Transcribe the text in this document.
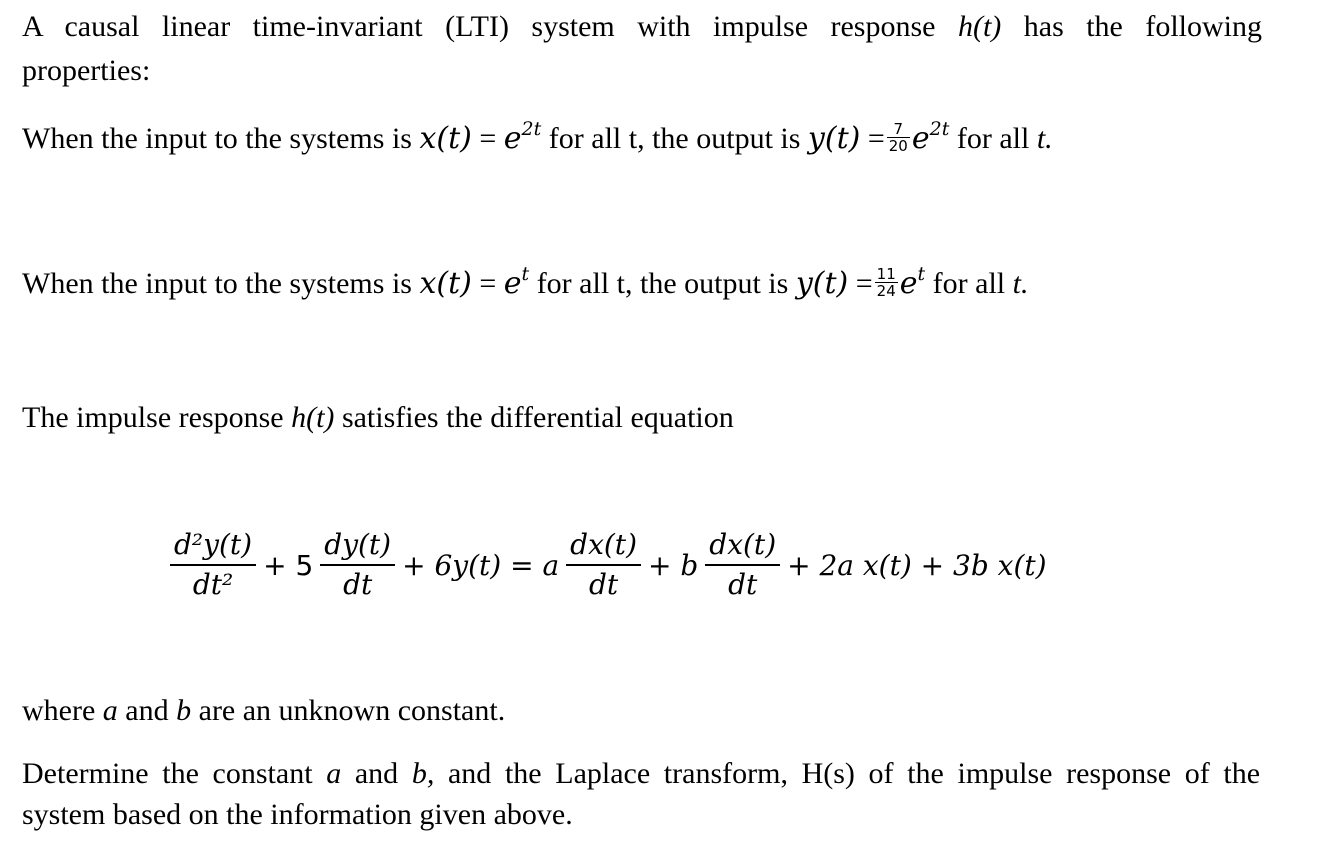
A causal linear time-invariant (LTI) system with impulse response h(t) has the following
properties:
When the input to the systems is $x(t) = e^{2t}$ for all t, the output is $y(t) = \frac{7}{20} e^{2t}$ for all t.
When the input to the systems is $x(t) = e^t$ for all t, the output is $y(t) = \frac{11}{24} e^t$ for all t.
The impulse response h(t) satisfies the differential equation
$\frac{\text{d²y(t)}}{\text{dt²}} + 5 \frac{dy(t)}{dt} + 6y(t) = a \frac{dx(t)}{dt} + b \frac{dx(t)}{dt} + 2a$ x(t) + 3b x(t)
where a and b are an unknown constant.
Determine the constant a and b, and the Laplace transform, H(s) of the impulse response of the
system based on the information given above.
